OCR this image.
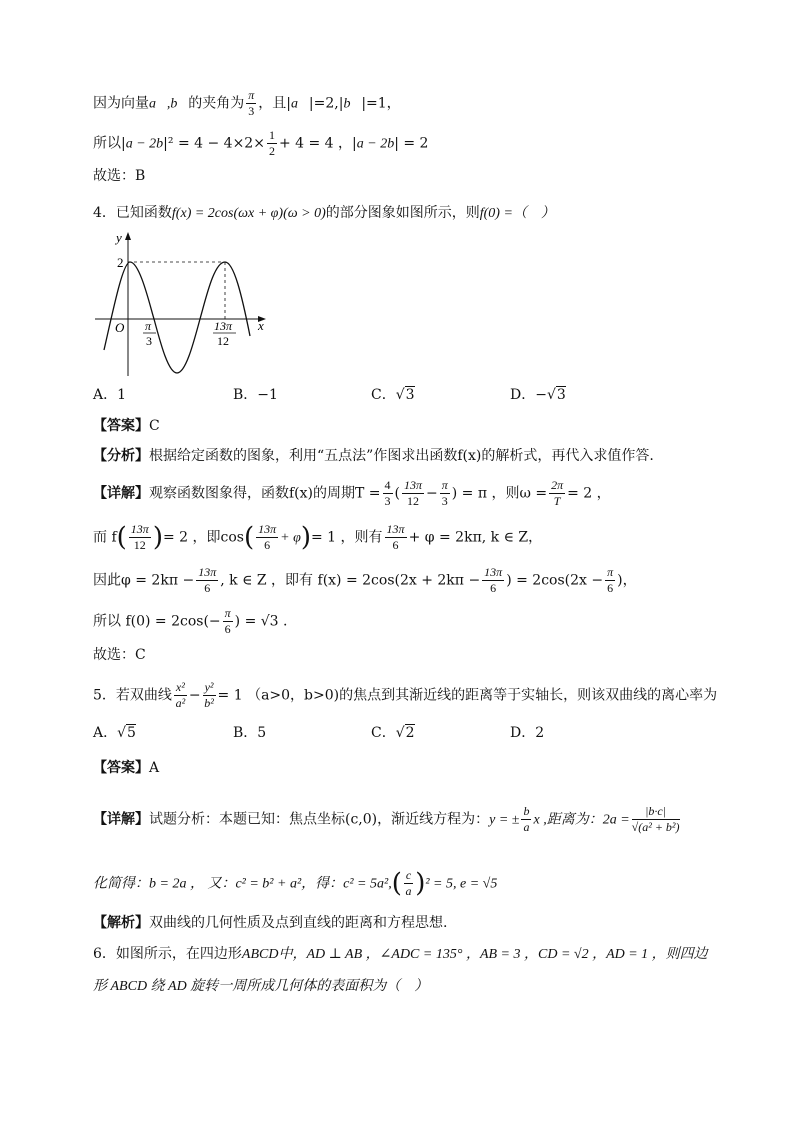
因为向量a⃗,b⃗的夹角为 $\frac{\pi}{3}$ ，且|a⃗|=2,|b⃗|=1，
所以$|a - 2b|^2 = 4 - 4\times 2\times \frac{1}{2} + 4 = 4$ ，|a − 2b| = 2
故选：B
4．已知函数f(x) = 2cos(ωx + φ)(ω > 0)的部分图象如图所示，则f(0) =（　）
y
x
O
2
π
3
13π
12
A．1	B．−1	C．√3	D．−√3
【答案】C
【分析】根据给定函数的图象，利用“五点法”作图求出函数f(x)的解析式，再代入求值作答.
【详解】观察函数图象得，函数f(x)的周期$T = \frac{4}{3}$ ( $\frac{13\pi}{12} - \frac{\pi}{3}$ ) = π ，则$\omega = \frac{2\pi}{T} = 2$ ，
而 $f( \frac{13\pi}{12}$ )= 2 ，即$\cos( \frac{13\pi}{6} + \varphi)= 1$ ，则有 $\frac{13\pi}{6} + \varphi = 2k\pi$, k ∈ Z，
因此$\varphi = 2k\pi - \frac{13\pi}{6}$ , k ∈ Z ，即有 $f(x) = 2\cos(2x + 2k\pi - \frac{13\pi}{6}$ ) = $2\cos(2x - \frac{\pi}{6}$ )，
所以 $f(0) = 2\cos(- \frac{\pi}{6}$ ) = √3 .
故选：C
5．若双曲线 $\frac{\text{x²}}{\text{a²}} - \frac{\text{y²}}{\text{b²}} = 1$ （a>0，b>0)的焦点到其渐近线的距离等于实轴长，则该双曲线的离心率为
A．√5	B．5	C．√2	D．2
【答案】A
【详解】试题分析：本题已知：焦点坐标(c,0)，渐近线方程为：y = ± $\frac{b}{a}$ x ,距离为：$2a = \frac{|b\cdot c|}{\text{√(a² + b²)}}$
化简得：b = 2a ， 又：c² = b² + a²，得：$c^2 = 5a^2,( \frac{c}{a} )^2 = 5$, e = √5
【解析】双曲线的几何性质及点到直线的距离和方程思想.
6．如图所示，在四边形ABCD中，AD ⊥ AB ，∠ADC = 135° ，AB = 3 ，CD = √2 ，AD = 1 ，则四边
形 ABCD 绕 AD 旋转一周所成几何体的表面积为（　）
